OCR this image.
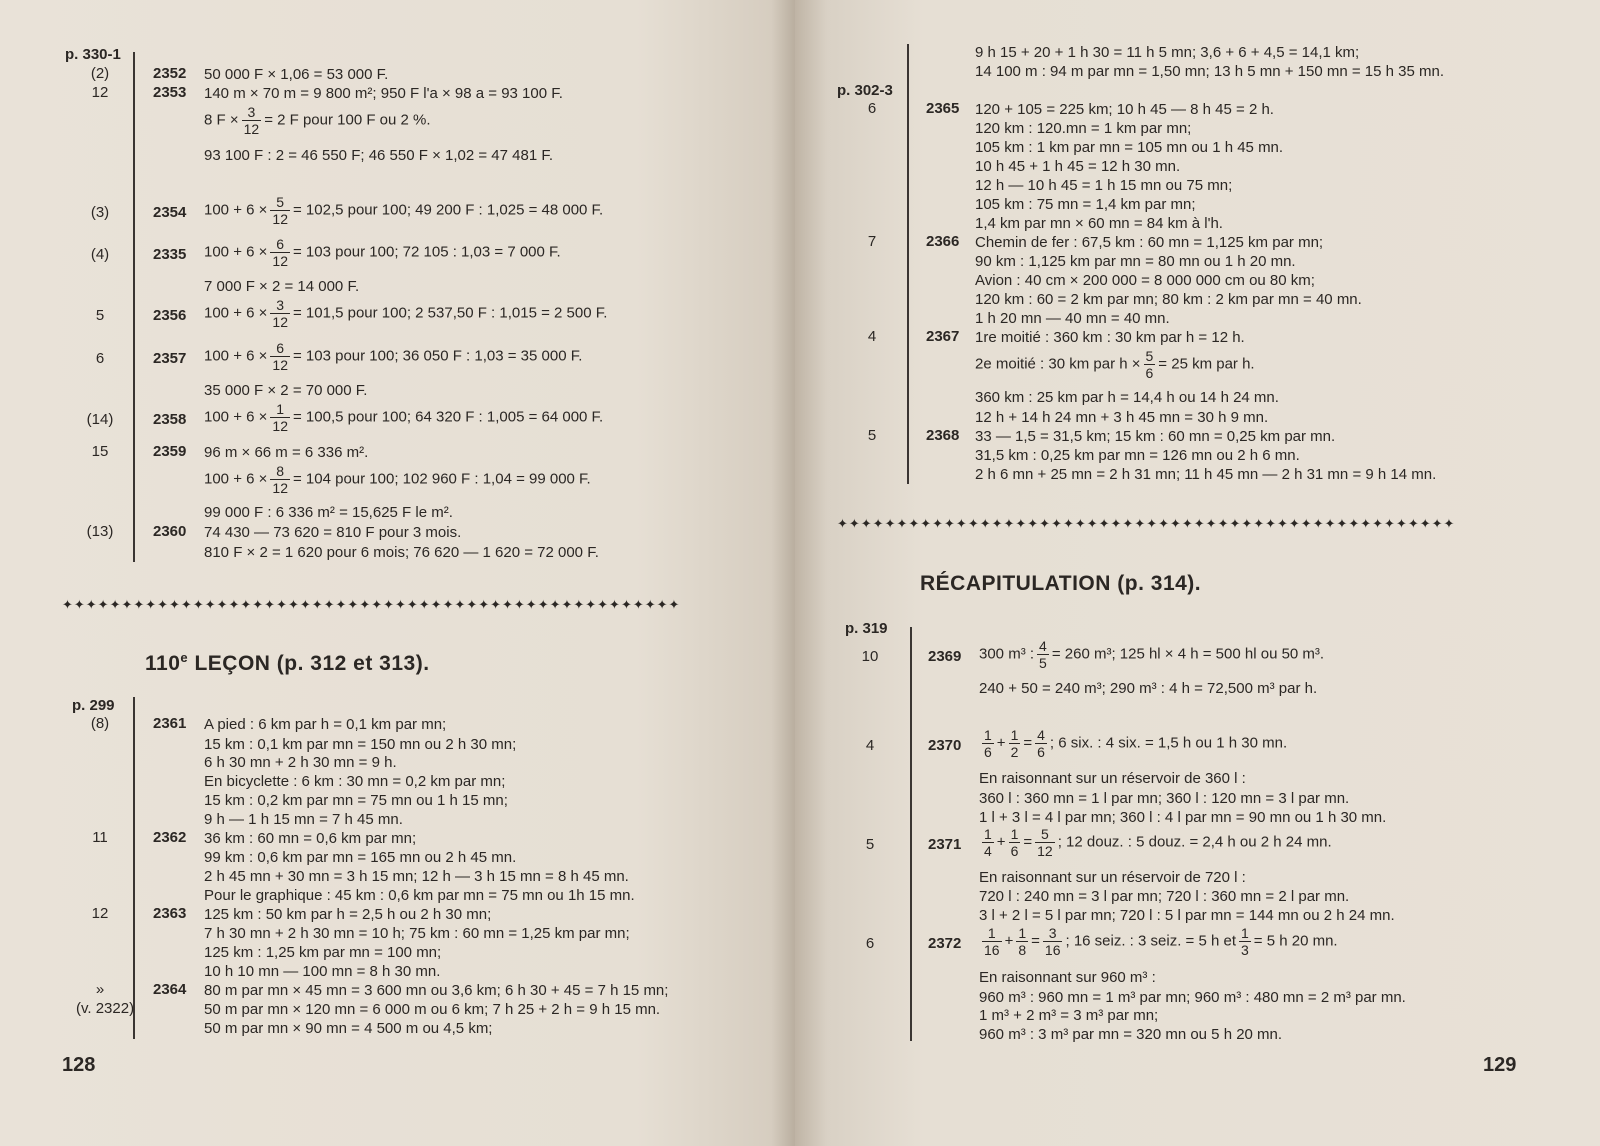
p. 330-1
(2)	2352 50 000 F × 1,06 = 53 000 F.
12	2353 140 m × 70 m = 9 800 m²; 950 F l'a × 98 a = 93 100 F.
8 $F \times \frac{3}{12} = 2$ F pour 100 F ou 2 %.
93 100 F : 2 = 46 550 F; 46 550 F × 1,02 = 47 481 F.
(3)	2354 $100 + 6 \times \frac{5}{12} = 102,5$ pour 100; 49 200 F : 1,025 = 48 000 F.
(4)	2335 $100 + 6 \times \frac{6}{12} = 103$ pour 100; 72 105 : 1,03 = 7 000 F.
7 000 F × 2 = 14 000 F.
5	2356 $100 + 6 \times \frac{3}{12} = 101,5$ pour 100; 2 537,50 F : 1,015 = 2 500 F.
6	2357 $100 + 6 \times \frac{6}{12} = 103$ pour 100; 36 050 F : 1,03 = 35 000 F.
35 000 F × 2 = 70 000 F.
(14)	2358 $100 + 6 \times \frac{1}{12} = 100,5$ pour 100; 64 320 F : 1,005 = 64 000 F.
15	2359 96 m × 66 m = 6 336 m².
$100 + 6 \times \frac{8}{12} = 104$ pour 100; 102 960 F : 1,04 = 99 000 F.
99 000 F : 6 336 m² = 15,625 F le m².
(13)	2360 74 430 — 73 620 = 810 F pour 3 mois.
810 F × 2 = 1 620 pour 6 mois; 76 620 — 1 620 = 72 000 F.
✦✦✦✦✦✦✦✦✦✦✦✦✦✦✦✦✦✦✦✦✦✦✦✦✦✦✦✦✦✦✦✦✦✦✦✦✦✦✦✦✦✦✦✦✦✦✦✦✦✦✦✦
110e LEÇON (p. 312 et 313).
p. 299
(8)	2361 A pied : 6 km par h = 0,1 km par mn;
15 km : 0,1 km par mn = 150 mn ou 2 h 30 mn;
6 h 30 mn + 2 h 30 mn = 9 h.
En bicyclette : 6 km : 30 mn = 0,2 km par mn;
15 km : 0,2 km par mn = 75 mn ou 1 h 15 mn;
9 h — 1 h 15 mn = 7 h 45 mn.
11	2362 36 km : 60 mn = 0,6 km par mn;
99 km : 0,6 km par mn = 165 mn ou 2 h 45 mn.
2 h 45 mn + 30 mn = 3 h 15 mn; 12 h — 3 h 15 mn = 8 h 45 mn.
Pour le graphique : 45 km : 0,6 km par mn = 75 mn ou 1h 15 mn.
12	2363 125 km : 50 km par h = 2,5 h ou 2 h 30 mn;
7 h 30 mn + 2 h 30 mn = 10 h; 75 km : 60 mn = 1,25 km par mn;
125 km : 1,25 km par mn = 100 mn;
10 h 10 mn — 100 mn = 8 h 30 mn.
»	2364 80 m par mn × 45 mn = 3 600 mn ou 3,6 km; 6 h 30 + 45 = 7 h 15 mn;
(v. 2322)	50 m par mn × 120 mn = 6 000 m ou 6 km; 7 h 25 + 2 h = 9 h 15 mn.
50 m par mn × 90 mn = 4 500 m ou 4,5 km;
128
9 h 15 + 20 + 1 h 30 = 11 h 5 mn; 3,6 + 6 + 4,5 = 14,1 km;
14 100 m : 94 m par mn = 1,50 mn; 13 h 5 mn + 150 mn = 15 h 35 mn.
p. 302-3
6	2365 120 + 105 = 225 km; 10 h 45 — 8 h 45 = 2 h.
120 km : 120.mn = 1 km par mn;
105 km : 1 km par mn = 105 mn ou 1 h 45 mn.
10 h 45 + 1 h 45 = 12 h 30 mn.
12 h — 10 h 45 = 1 h 15 mn ou 75 mn;
105 km : 75 mn = 1,4 km par mn;
1,4 km par mn × 60 mn = 84 km à l'h.
7	2366 Chemin de fer : 67,5 km : 60 mn = 1,125 km par mn;
90 km : 1,125 km par mn = 80 mn ou 1 h 20 mn.
Avion : 40 cm × 200 000 = 8 000 000 cm ou 80 km;
120 km : 60 = 2 km par mn; 80 km : 2 km par mn = 40 mn.
1 h 20 mn — 40 mn = 40 mn.
4	2367 1re moitié : 360 km : 30 km par h = 12 h.
2e moitié : 30 km par $h \times \frac{5}{6} = 25$ km par h.
360 km : 25 km par h = 14,4 h ou 14 h 24 mn.
12 h + 14 h 24 mn + 3 h 45 mn = 30 h 9 mn.
5	2368 33 — 1,5 = 31,5 km; 15 km : 60 mn = 0,25 km par mn.
31,5 km : 0,25 km par mn = 126 mn ou 2 h 6 mn.
2 h 6 mn + 25 mn = 2 h 31 mn; 11 h 45 mn — 2 h 31 mn = 9 h 14 mn.
✦✦✦✦✦✦✦✦✦✦✦✦✦✦✦✦✦✦✦✦✦✦✦✦✦✦✦✦✦✦✦✦✦✦✦✦✦✦✦✦✦✦✦✦✦✦✦✦✦✦✦✦
RÉCAPITULATION (p. 314).
p. 319
10	2369 300 m³ : $\frac{4}{5} = 260$ m³; 125 hl × 4 h = 500 hl ou 50 m³.
240 + 50 = 240 m³; 290 m³ : 4 h = 72,500 m³ par h.
4	$2370 \frac{1}{6} + \frac{1}{2} = \frac{4}{6}$ ; 6 six. : 4 six. = 1,5 h ou 1 h 30 mn.
En raisonnant sur un réservoir de 360 l :
360 l : 360 mn = 1 l par mn; 360 l : 120 mn = 3 l par mn.
1 l + 3 l = 4 l par mn; 360 l : 4 l par mn = 90 mn ou 1 h 30 mn.
5	$2371 \frac{1}{4} + \frac{1}{6} = \frac{5}{12}$ ; 12 douz. : 5 douz. = 2,4 h ou 2 h 24 mn.
En raisonnant sur un réservoir de 720 l :
720 l : 240 mn = 3 l par mn; 720 l : 360 mn = 2 l par mn.
3 l + 2 l = 5 l par mn; 720 l : 5 l par mn = 144 mn ou 2 h 24 mn.
6	$2372 \frac{1}{16} + \frac{1}{8} = \frac{3}{16}$ ; 16 seiz. : 3 seiz. = 5 h et $\frac{1}{3} = 5$ h 20 mn.
En raisonnant sur 960 m³ :
960 m³ : 960 mn = 1 m³ par mn; 960 m³ : 480 mn = 2 m³ par mn.
1 m³ + 2 m³ = 3 m³ par mn;
960 m³ : 3 m³ par mn = 320 mn ou 5 h 20 mn.
129
